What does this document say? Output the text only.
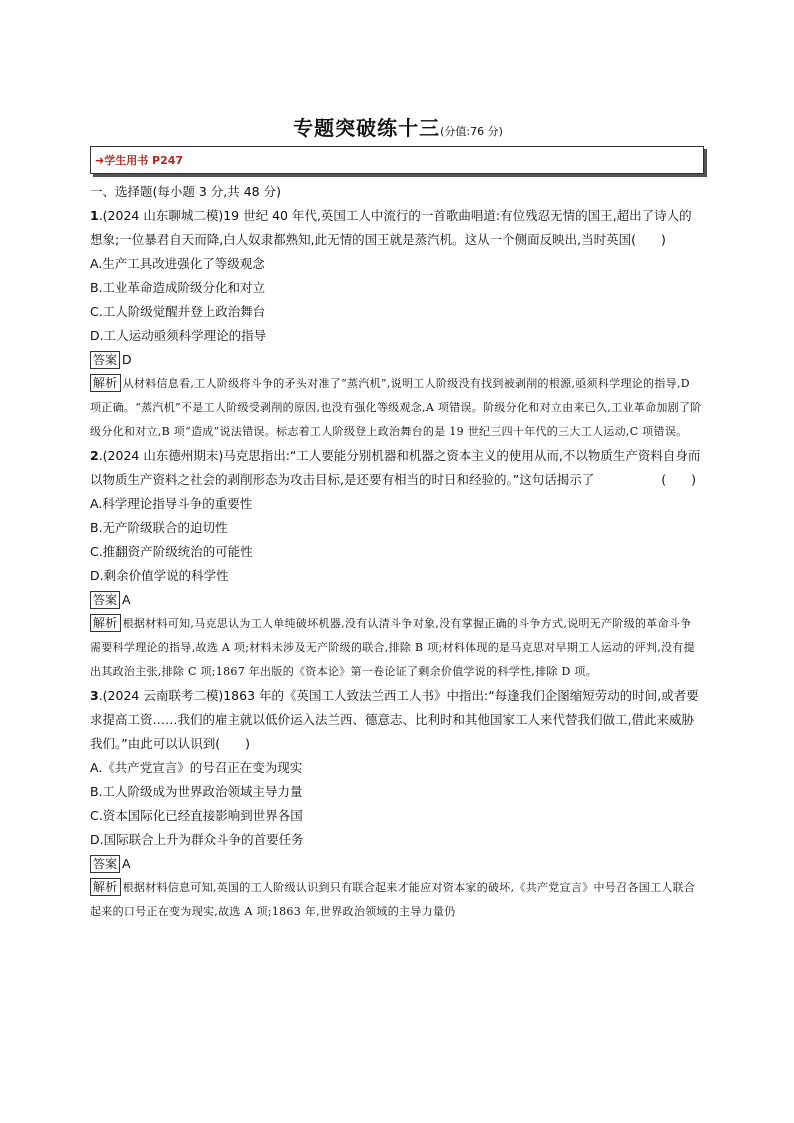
专题突破练十三(分值:76 分)
➜学生用书 P247

一、选择题(每小题 3 分,共 48 分)

1.(2024 山东聊城二模)19 世纪 40 年代,英国工人中流行的一首歌曲唱道:有位残忍无情的国王,超出了诗人的想象;一位暴君自天而降,白人奴隶都熟知,此无情的国王就是蒸汽机。这从一个侧面反映出,当时英国(　　)

A.生产工具改进强化了等级观念

B.工业革命造成阶级分化和对立

C.工人阶级觉醒并登上政治舞台

D.工人运动亟须科学理论的指导

答案 D

解析 从材料信息看,工人阶级将斗争的矛头对准了“蒸汽机”,说明工人阶级没有找到被剥削的根源,亟须科学理论的指导,D 项正确。“蒸汽机”不是工人阶级受剥削的原因,也没有强化等级观念,A 项错误。阶级分化和对立由来已久,工业革命加剧了阶级分化和对立,B 项“造成”说法错误。标志着工人阶级登上政治舞台的是 19 世纪三四十年代的三大工人运动,C 项错误。

2.(2024 山东德州期末)马克思指出:“工人要能分别机器和机器之资本主义的使用从而,不以物质生产资料自身而以物质生产资料之社会的剥削形态为攻击目标,是还要有相当的时日和经验的。”这句话揭示了	(　　)

A.科学理论指导斗争的重要性

B.无产阶级联合的迫切性

C.推翻资产阶级统治的可能性

D.剩余价值学说的科学性

答案 A

解析 根据材料可知,马克思认为工人单纯破坏机器,没有认清斗争对象,没有掌握正确的斗争方式,说明无产阶级的革命斗争需要科学理论的指导,故选 A 项;材料未涉及无产阶级的联合,排除 B 项;材料体现的是马克思对早期工人运动的评判,没有提出其政治主张,排除 C 项;1867 年出版的《资本论》第一卷论证了剩余价值学说的科学性,排除 D 项。

3.(2024 云南联考二模)1863 年的《英国工人致法兰西工人书》中指出:“每逢我们企图缩短劳动的时间,或者要求提高工资……我们的雇主就以低价运入法兰西、德意志、比利时和其他国家工人来代替我们做工,借此来威胁我们。”由此可以认识到(　　)

A.《共产党宣言》的号召正在变为现实

B.工人阶级成为世界政治领域主导力量

C.资本国际化已经直接影响到世界各国

D.国际联合上升为群众斗争的首要任务

答案 A

解析 根据材料信息可知,英国的工人阶级认识到只有联合起来才能应对资本家的破坏,《共产党宣言》中号召各国工人联合起来的口号正在变为现实,故选 A 项;1863 年,世界政治领域的主导力量仍
